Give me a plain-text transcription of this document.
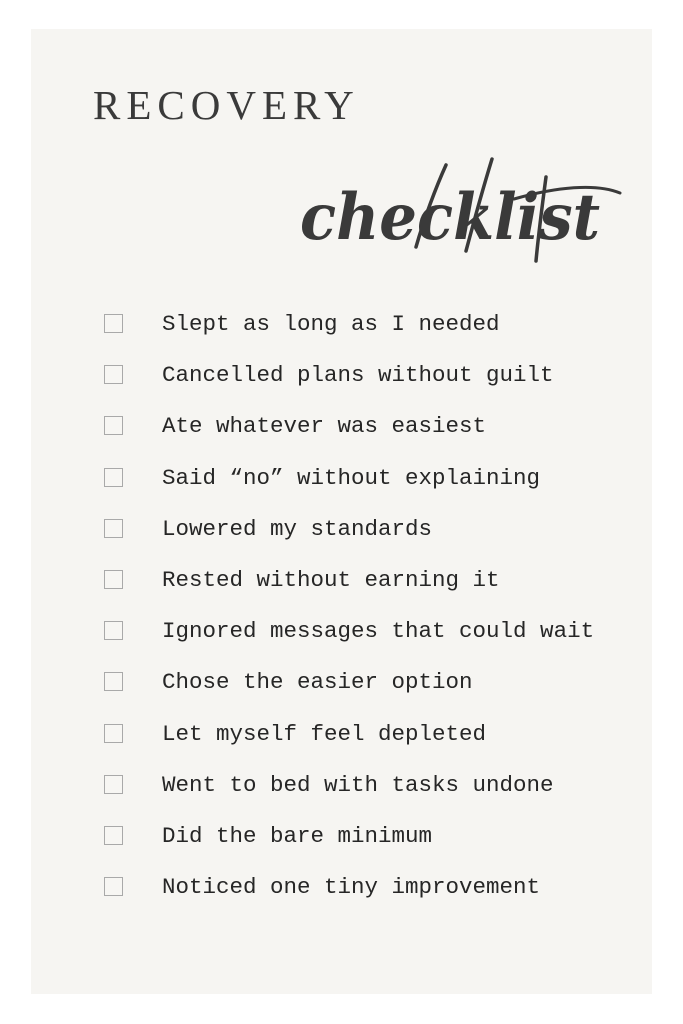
RECOVERY
checklist
Slept as long as I needed
Cancelled plans without guilt
Ate whatever was easiest
Said “no” without explaining
Lowered my standards
Rested without earning it
Ignored messages that could wait
Chose the easier option
Let myself feel depleted
Went to bed with tasks undone
Did the bare minimum
Noticed one tiny improvement
